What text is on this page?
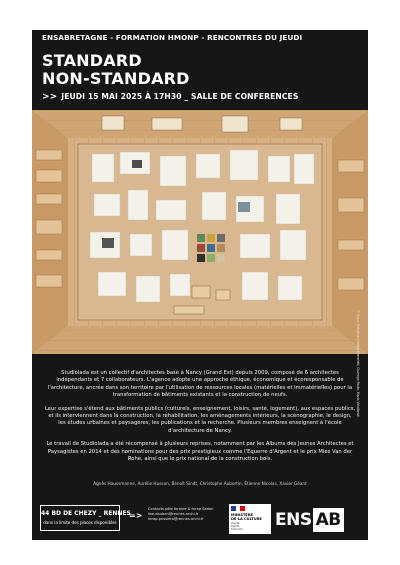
ENSABRETAGNE - FORMATION HMONP - RENCONTRES DU JEUDI
STANDARD
NON-STANDARD
>> JEUDI 15 MAI 2025 À 17H30 _ SALLE DE CONFERENCES
© Cyrus Dehghan-Lowhar-Hemmati, Ouvrage Poste, Maria Valaitiené

Studiolada est un collectif d'architectes basé à Nancy (Grand Est) depuis 2009, composé de 6 architectes indépendants et 7 collaborateurs. L'agence adopte une approche éthique, économique et écoresponsable de l'architecture, ancrée dans son territoire par l'utilisation de ressources locales (matérielles et immatérielles) pour la transformation de bâtiments existants et la construction de neufs.

Leur expertise s'étend aux bâtiments publics (culturels, enseignement, loisirs, santé, logement), aux espaces publics, et ils interviennent dans la construction, la réhabilitation, les aménagements intérieurs, la scénographie, le design, les études urbaines et paysagères, les publications et la recherche. Plusieurs membres enseignent à l'école d'architecture de Nancy.

Le travail de Studiolada a été récompensé à plusieurs reprises, notamment par les Albums des Jeunes Architectes et Paysagistes en 2014 et des nominations pour des prix prestigieux comme l'Equerre d'Argent et le prix Mies Van der Rohe, ainsi que le prix national de la construction bois.

Agnès Haussmanne, Aurélie Husson, Benoît Sindt, Christophe Aubertin, Étienne Nicolas, Xavier Géant
44 BD DE CHEZY _ RENNES
dans la limite des places disponibles
=>
Contacts pôle foraine & forap Sadon
lise.dauban@rennes.archi.fr
forap.prissieta@rennes.archi.fr
MINISTÈRE
DE LA CULTURE
Liberté
Égalité
Fraternité	ENS AB
